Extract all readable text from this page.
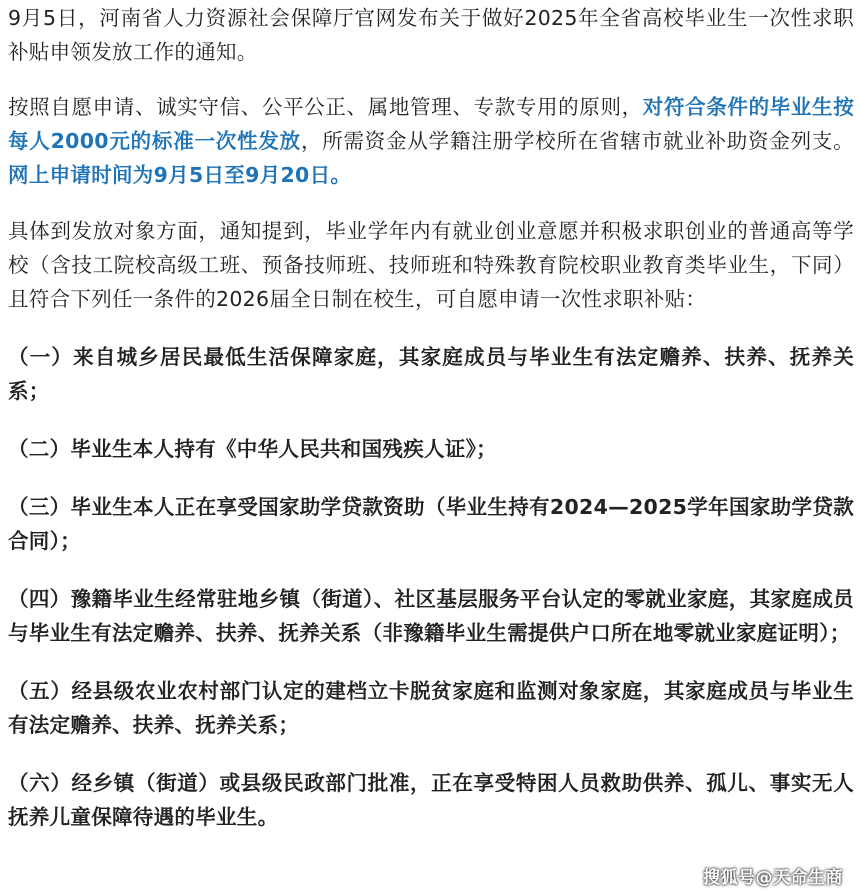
9月5日，河南省人力资源社会保障厅官网发布关于做好2025年全省高校毕业生一次性求职补贴申领发放工作的通知。

按照自愿申请、诚实守信、公平公正、属地管理、专款专用的原则，对符合条件的毕业生按每人2000元的标准一次性发放，所需资金从学籍注册学校所在省辖市就业补助资金列支。网上申请时间为9月5日至9月20日。

具体到发放对象方面，通知提到，毕业学年内有就业创业意愿并积极求职创业的普通高等学校（含技工院校高级工班、预备技师班、技师班和特殊教育院校职业教育类毕业生，下同）且符合下列任一条件的2026届全日制在校生，可自愿申请一次性求职补贴：

（一）来自城乡居民最低生活保障家庭，其家庭成员与毕业生有法定赡养、扶养、抚养关系；

（二）毕业生本人持有《中华人民共和国残疾人证》；

（三）毕业生本人正在享受国家助学贷款资助（毕业生持有2024—2025学年国家助学贷款合同）；

（四）豫籍毕业生经常驻地乡镇（街道）、社区基层服务平台认定的零就业家庭，其家庭成员与毕业生有法定赡养、扶养、抚养关系（非豫籍毕业生需提供户口所在地零就业家庭证明）；

（五）经县级农业农村部门认定的建档立卡脱贫家庭和监测对象家庭，其家庭成员与毕业生有法定赡养、扶养、抚养关系；

（六）经乡镇（街道）或县级民政部门批准，正在享受特困人员救助供养、孤儿、事实无人抚养儿童保障待遇的毕业生。

搜狐号@天命生商
